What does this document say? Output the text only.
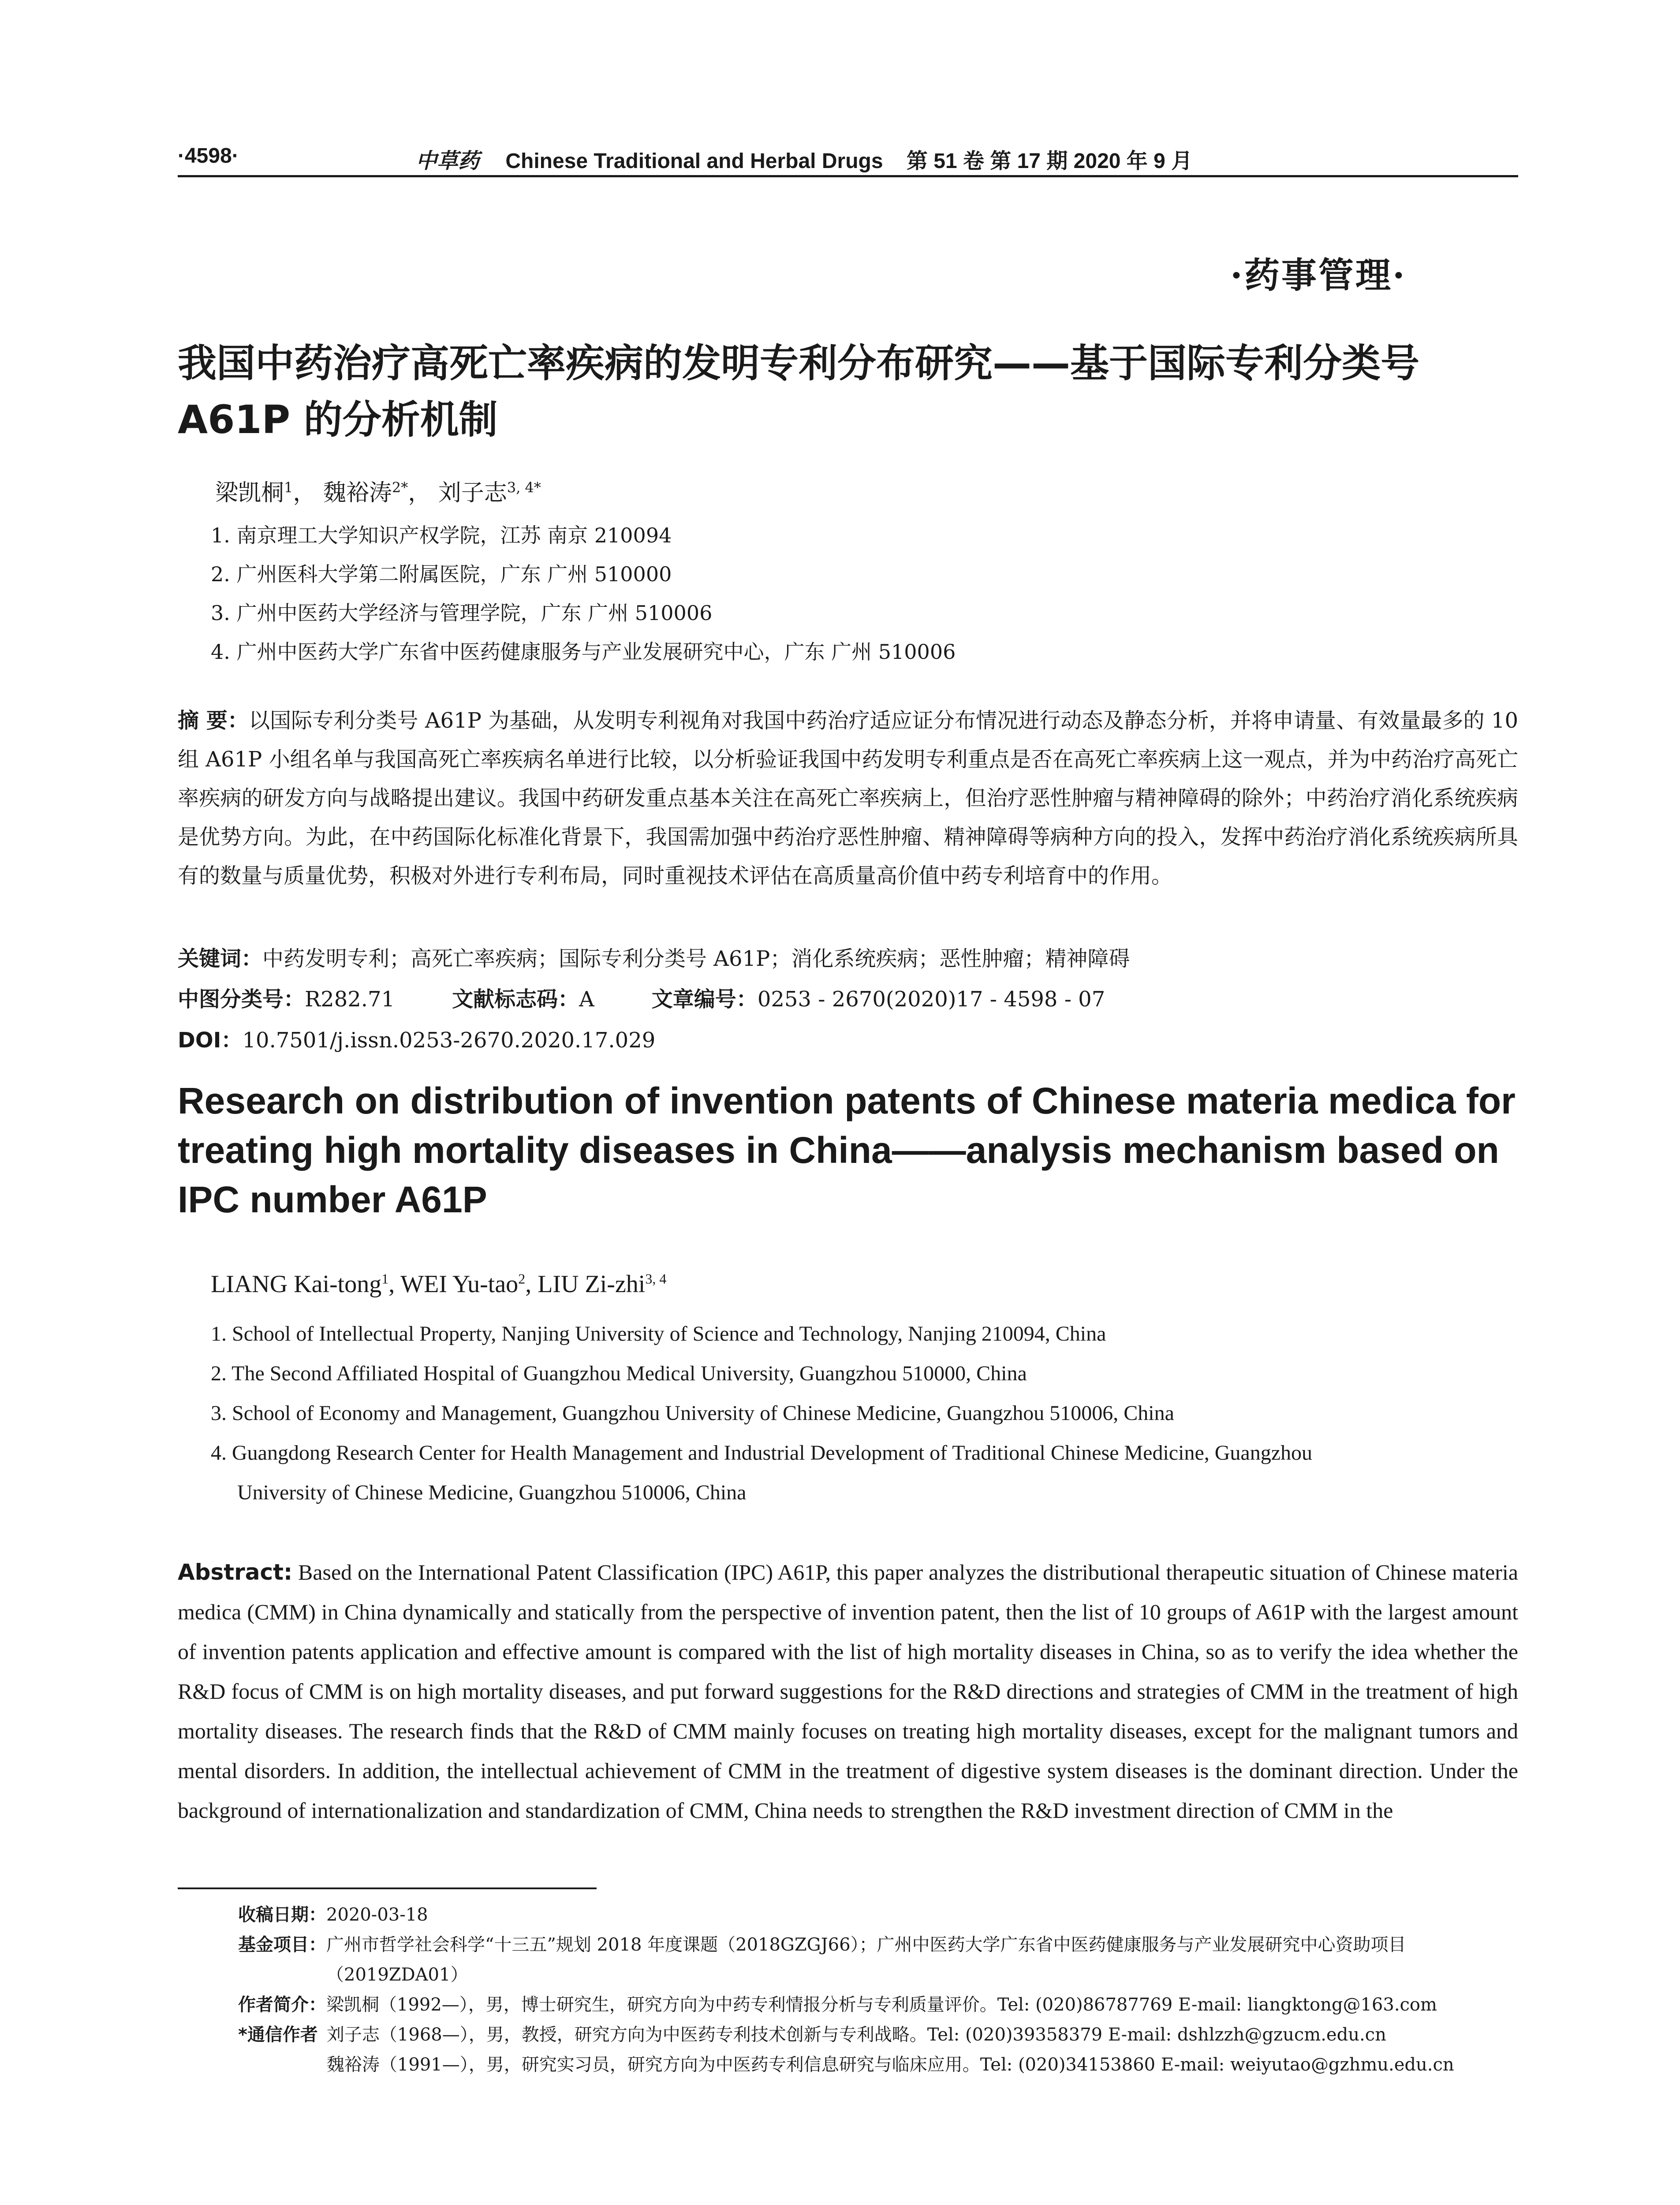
·4598·	中草药 Chinese Traditional and Herbal Drugs 第 51 卷 第 17 期 2020 年 9 月
·药事管理·
我国中药治疗高死亡率疾病的发明专利分布研究——基于国际专利分类号 A61P 的分析机制
梁凯桐$^1$， 魏裕涛$^{2*}$， 刘子志$^{3, 4*}$
1. 南京理工大学知识产权学院，江苏 南京 210094
2. 广州医科大学第二附属医院，广东 广州 510000
3. 广州中医药大学经济与管理学院，广东 广州 510006
4. 广州中医药大学广东省中医药健康服务与产业发展研究中心，广东 广州 510006
摘 要：以国际专利分类号 A61P 为基础，从发明专利视角对我国中药治疗适应证分布情况进行动态及静态分析，并将申请量、有效量最多的 10 组 A61P 小组名单与我国高死亡率疾病名单进行比较，以分析验证我国中药发明专利重点是否在高死亡率疾病上这一观点，并为中药治疗高死亡率疾病的研发方向与战略提出建议。我国中药研发重点基本关注在高死亡率疾病上，但治疗恶性肿瘤与精神障碍的除外；中药治疗消化系统疾病是优势方向。为此，在中药国际化标准化背景下，我国需加强中药治疗恶性肿瘤、精神障碍等病种方向的投入，发挥中药治疗消化系统疾病所具有的数量与质量优势，积极对外进行专利布局，同时重视技术评估在高质量高价值中药专利培育中的作用。
关键词：中药发明专利；高死亡率疾病；国际专利分类号 A61P；消化系统疾病；恶性肿瘤；精神障碍
中图分类号：R282.71	文献标志码：A	文章编号：0253 - 2670(2020)17 - 4598 - 07
DOI：10.7501/j.issn.0253-2670.2020.17.029
Research on distribution of invention patents of Chinese materia medica for treating high mortality diseases in China——analysis mechanism based on IPC number A61P
LIANG Kai-tong$^1$, WEI Yu-tao$^2$, LIU Zi-zhi$^{3, 4}$
1. School of Intellectual Property, Nanjing University of Science and Technology, Nanjing 210094, China
2. The Second Affiliated Hospital of Guangzhou Medical University, Guangzhou 510000, China
3. School of Economy and Management, Guangzhou University of Chinese Medicine, Guangzhou 510006, China
4. Guangdong Research Center for Health Management and Industrial Development of Traditional Chinese Medicine, Guangzhou
University of Chinese Medicine, Guangzhou 510006, China
Abstract: Based on the International Patent Classification (IPC) A61P, this paper analyzes the distributional therapeutic situation of Chinese materia medica (CMM) in China dynamically and statically from the perspective of invention patent, then the list of 10 groups of A61P with the largest amount of invention patents application and effective amount is compared with the list of high mortality diseases in China, so as to verify the idea whether the R&D focus of CMM is on high mortality diseases, and put forward suggestions for the R&D directions and strategies of CMM in the treatment of high mortality diseases. The research finds that the R&D of CMM mainly focuses on treating high mortality diseases, except for the malignant tumors and mental disorders. In addition, the intellectual achievement of CMM in the treatment of digestive system diseases is the dominant direction. Under the background of internationalization and standardization of CMM, China needs to strengthen the R&D investment direction of CMM in the
收稿日期： 2020-03-18
基金项目： 广州市哲学社会科学“十三五”规划 2018 年度课题（2018GZGJ66）；广州中医药大学广东省中医药健康服务与产业发展研究中心资助项目（2019ZDA01）
作者简介： 梁凯桐（1992—），男，博士研究生，研究方向为中药专利情报分析与专利质量评价。Tel: (020)86787769 E-mail: liangktong@163.com
*通信作者 刘子志（1968—），男，教授，研究方向为中医药专利技术创新与专利战略。Tel: (020)39358379 E-mail: dshlzzh@gzucm.edu.cn
魏裕涛（1991—），男，研究实习员，研究方向为中医药专利信息研究与临床应用。Tel: (020)34153860 E-mail: weiyutao@gzhmu.edu.cn
